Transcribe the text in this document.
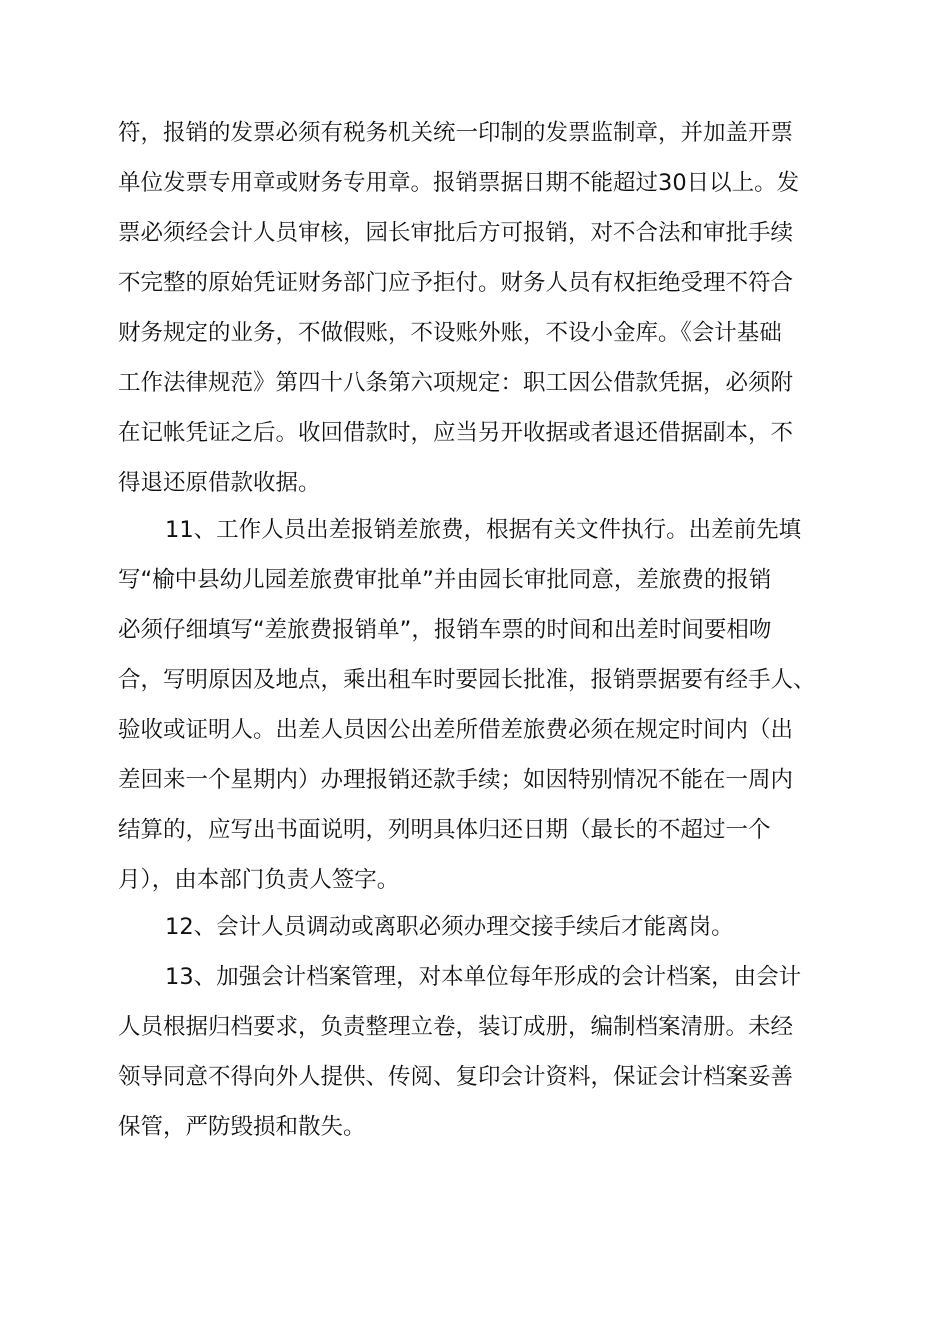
符，报销的发票必须有税务机关统一印制的发票监制章，并加盖开票

单位发票专用章或财务专用章。报销票据日期不能超过30日以上。发

票必须经会计人员审核，园长审批后方可报销，对不合法和审批手续

不完整的原始凭证财务部门应予拒付。财务人员有权拒绝受理不符合

财务规定的业务，不做假账，不设账外账，不设小金库。《会计基础

工作法律规范》第四十八条第六项规定：职工因公借款凭据，必须附

在记帐凭证之后。收回借款时，应当另开收据或者退还借据副本，不

得退还原借款收据。

11、工作人员出差报销差旅费，根据有关文件执行。出差前先填

写“榆中县幼儿园差旅费审批单”并由园长审批同意，差旅费的报销

必须仔细填写“差旅费报销单”，报销车票的时间和出差时间要相吻

合，写明原因及地点，乘出租车时要园长批准，报销票据要有经手人、

验收或证明人。出差人员因公出差所借差旅费必须在规定时间内（出

差回来一个星期内）办理报销还款手续；如因特别情况不能在一周内

结算的，应写出书面说明，列明具体归还日期（最长的不超过一个

月），由本部门负责人签字。

12、会计人员调动或离职必须办理交接手续后才能离岗。

13、加强会计档案管理，对本单位每年形成的会计档案，由会计

人员根据归档要求，负责整理立卷，装订成册，编制档案清册。未经

领导同意不得向外人提供、传阅、复印会计资料，保证会计档案妥善

保管，严防毁损和散失。
